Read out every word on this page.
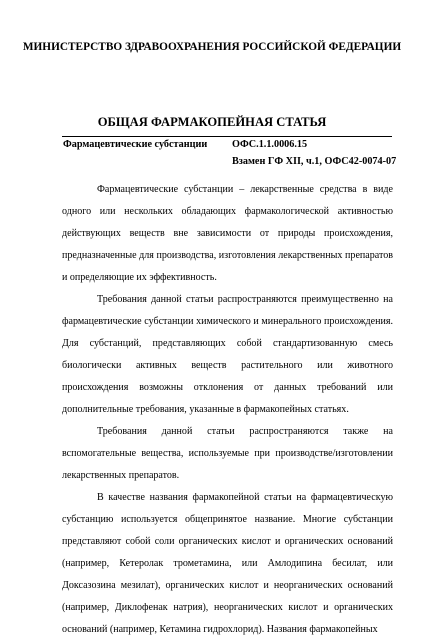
МИНИСТЕРСТВО ЗДРАВООХРАНЕНИЯ РОССИЙСКОЙ ФЕДЕРАЦИИ
ОБЩАЯ ФАРМАКОПЕЙНАЯ СТАТЬЯ
Фармацевтические субстанции ОФС.1.1.0006.15
Взамен ГФ XII, ч.1, ОФС42-0074-07

Фармацевтические субстанции – лекарственные средства в виде одного или нескольких обладающих фармакологической активностью действующих веществ вне зависимости от природы происхождения, предназначенные для производства, изготовления лекарственных препаратов и определяющие их эффективность.

Требования данной статьи распространяются преимущественно на фармацевтические субстанции химического и минерального происхождения. Для субстанций, представляющих собой стандартизованную смесь биологически активных веществ растительного или животного происхождения возможны отклонения от данных требований или дополнительные требования, указанные в фармакопейных статьях.

Требования данной статьи распространяются также на вспомогательные вещества, используемые при производстве/изготовлении лекарственных препаратов.

В качестве названия фармакопейной статьи на фармацевтическую субстанцию используется общепринятое название. Многие субстанции представляют собой соли органических кислот и органических оснований (например, Кетеролак трометамина, или Амлодипина бесилат, или Доксазозина мезилат), органических кислот и неорганических оснований (например, Диклофенак натрия), неорганических кислот и органических оснований (например, Кетамина гидрохлорид). Названия фармакопейных
